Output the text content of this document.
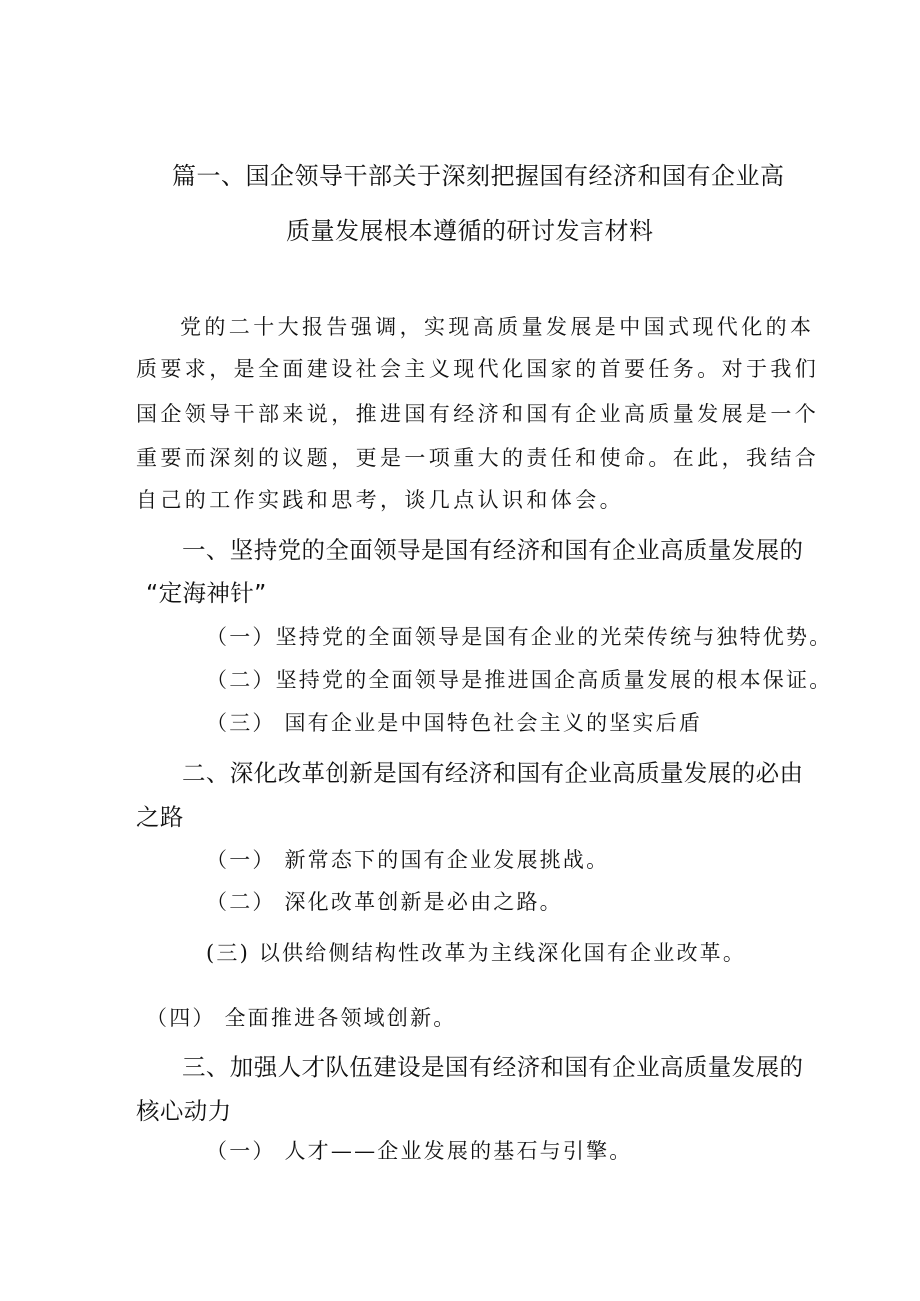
篇一、国企领导干部关于深刻把握国有经济和国有企业高

质量发展根本遵循的研讨发言材料

党的二十大报告强调，实现高质量发展是中国式现代化的本

质要求，是全面建设社会主义现代化国家的首要任务。对于我们

国企领导干部来说，推进国有经济和国有企业高质量发展是一个

重要而深刻的议题，更是一项重大的责任和使命。在此，我结合

自己的工作实践和思考，谈几点认识和体会。

一、坚持党的全面领导是国有经济和国有企业高质量发展的

“定海神针”

（一）坚持党的全面领导是国有企业的光荣传统与独特优势。

（二）坚持党的全面领导是推进国企高质量发展的根本保证。

（三） 国有企业是中国特色社会主义的坚实后盾

二、深化改革创新是国有经济和国有企业高质量发展的必由

之路

（一） 新常态下的国有企业发展挑战。

（二） 深化改革创新是必由之路。

(三) 以供给侧结构性改革为主线深化国有企业改革。

（四） 全面推进各领域创新。

三、加强人才队伍建设是国有经济和国有企业高质量发展的

核心动力

（一） 人才——企业发展的基石与引擎。
